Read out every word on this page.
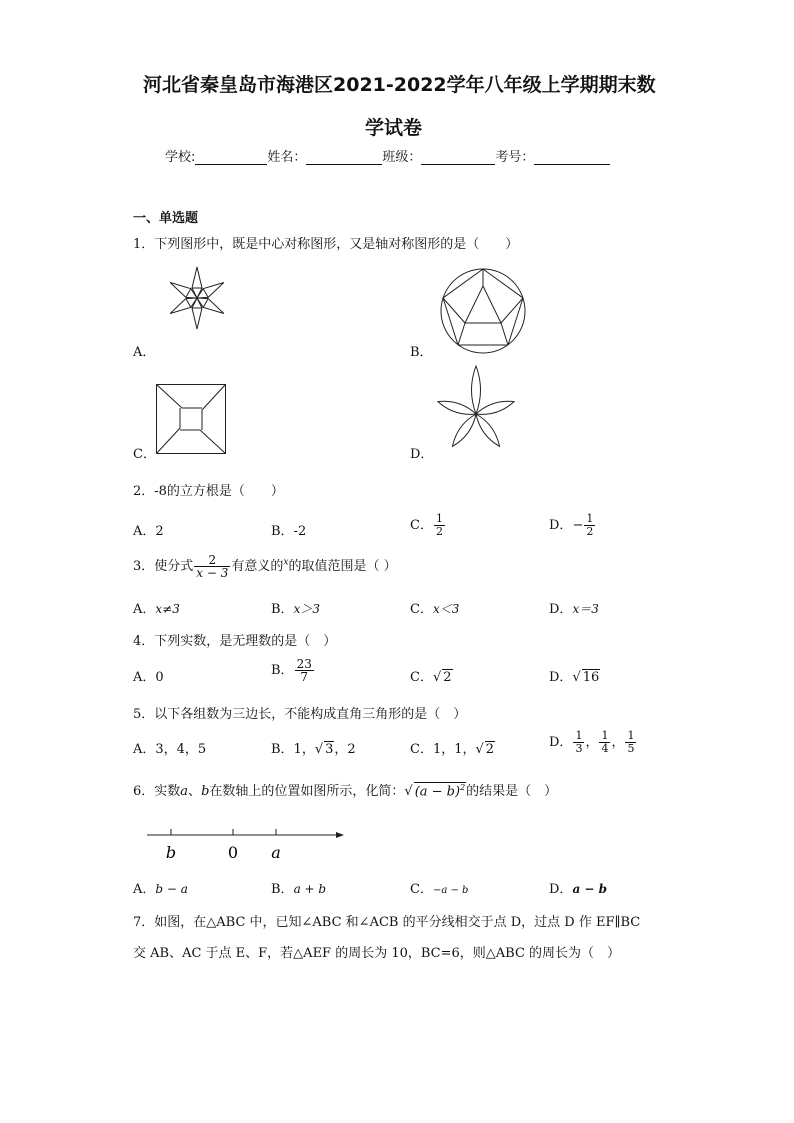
河北省秦皇岛市海港区2021-2022学年八年级上学期期末数
学试卷
学校:	姓名：	班级：	考号：
一、单选题
1．下列图形中，既是中心对称图形，又是轴对称图形的是（　　）
A．	B．
C．	D．
2．-8的立方根是（　　）
A．2	B．-2	C． $\frac{1}{2}$	D．− $\frac{1}{2}$
3．使分式 $\frac{2}{x - 3}$ 有意义的$^x$的取值范围是（ ）
A．x≠3	B．x＞3	C．x＜3	D．x＝3
4．下列实数，是无理数的是（　）
A．0	B． $\frac{23}{7}$	C．√ 2	D．√ 16
5．以下各组数为三边长，不能构成直角三角形的是（　）
A．3，4，5	B．1，√ 3，2	C．1，1，√ 2	D． $\frac{1}{3}$ ， $\frac{1}{4}$ ， $\frac{1}{5}$
6．实数a、b在数轴上的位置如图所示，化简：√ $(a - b)^2$的结果是（　）
b	0 a
A．b − a	B．a + b	C．−a − b	D．a − b
7．如图，在△ABC 中，已知∠ABC 和∠ACB 的平分线相交于点 D，过点 D 作 EF∥BC
交 AB、AC 于点 E、F，若△AEF 的周长为 10，BC=6，则△ABC 的周长为（　）
